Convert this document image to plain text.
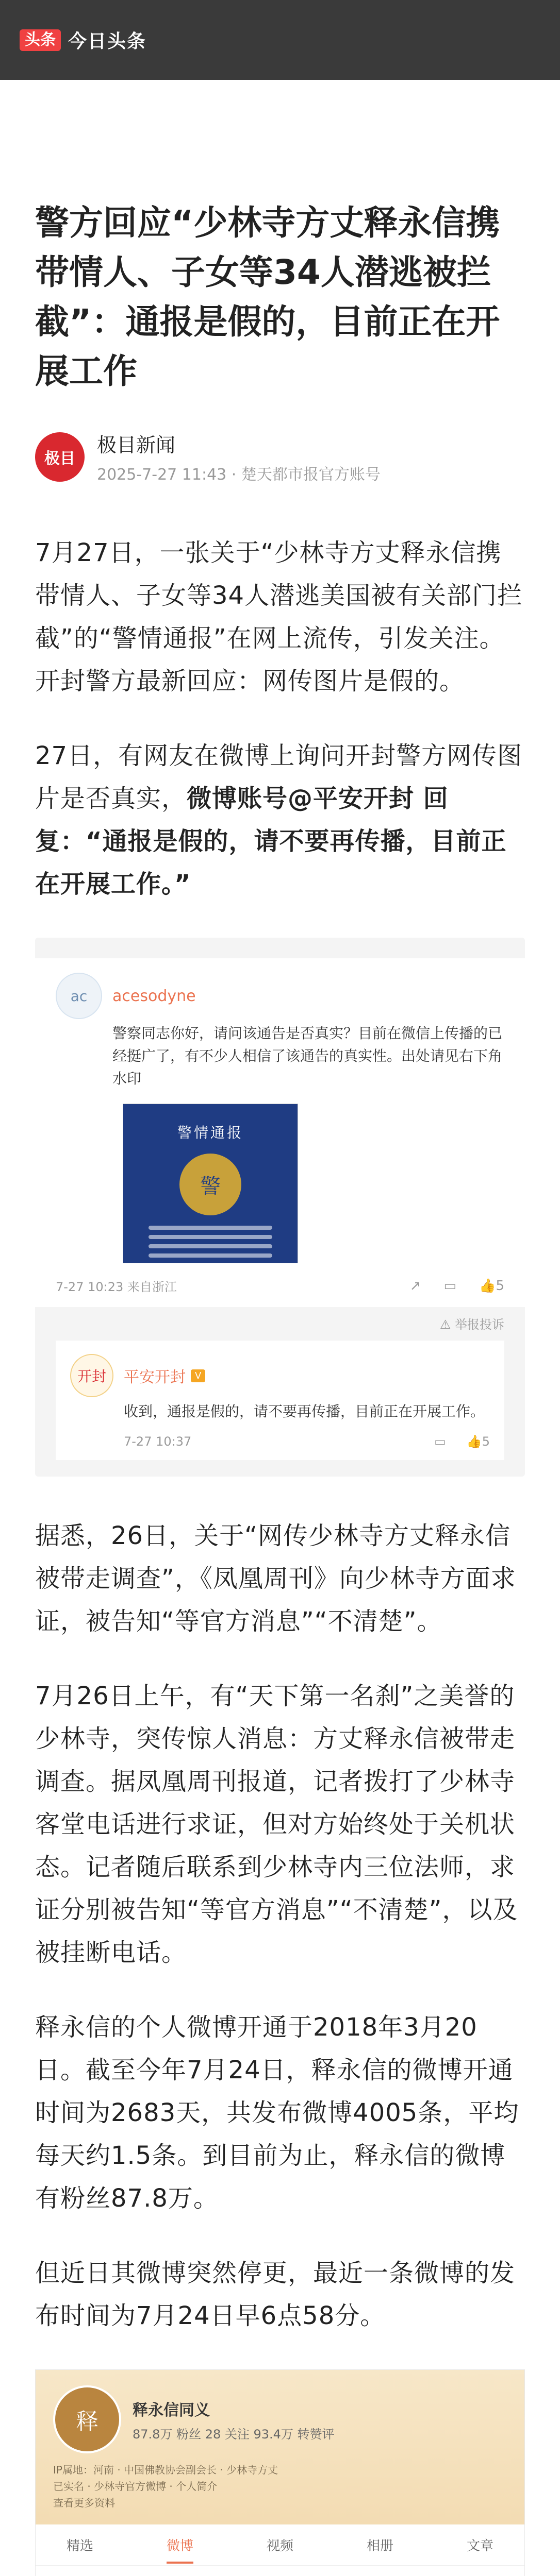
头条 今日头条
警方回应“少林寺方丈释永信携带情人、子女等34人潜逃被拦截”：通报是假的，目前正在开展工作
极目
极目新闻
2025-7-27 11:43 · 楚天都市报官方账号

7月27日，一张关于“少林寺方丈释永信携带情人、子女等34人潜逃美国被有关部门拦截”的“警情通报”在网上流传，引发关注。开封警方最新回应：网传图片是假的。

27日，有网友在微博上询问开封警方网传图片是否真实，微博账号@平安开封 回复：“通报是假的，请不要再传播，目前正在开展工作。”

ac	acesodyne
警察同志你好，请问该通告是否真实？目前在微信上传播的已经挺广了，有不少人相信了该通告的真实性。出处请见右下角水印
警情通报
警
7-27 10:23 来自浙江	↗ ▭ 👍5
⚠ 举报投诉
开封	平安开封	V
收到，通报是假的，请不要再传播，目前正在开展工作。
7-27 10:37	▭ 👍5

据悉，26日，关于“网传少林寺方丈释永信被带走调查”，《凤凰周刊》向少林寺方面求证，被告知“等官方消息”“不清楚”。

7月26日上午，有“天下第一名刹”之美誉的少林寺，突传惊人消息：方丈释永信被带走调查。据凤凰周刊报道，记者拨打了少林寺客堂电话进行求证，但对方始终处于关机状态。记者随后联系到少林寺内三位法师，求证分别被告知“等官方消息”“不清楚”，以及被挂断电话。

释永信的个人微博开通于2018年3月20日。截至今年7月24日，释永信的微博开通时间为2683天，共发布微博4005条，平均每天约1.5条。到目前为止，释永信的微博有粉丝87.8万。

但近日其微博突然停更，最近一条微博的发布时间为7月24日早6点58分。

释	释永信同义
87.8万 粉丝 28 关注 93.4万 转赞评
IP属地：河南 · 中国佛教协会副会长 · 少林寺方丈
已实名 · 少林寺官方微博 · 个人简介
查看更多资料
精选	微博	视频	相册	文章
